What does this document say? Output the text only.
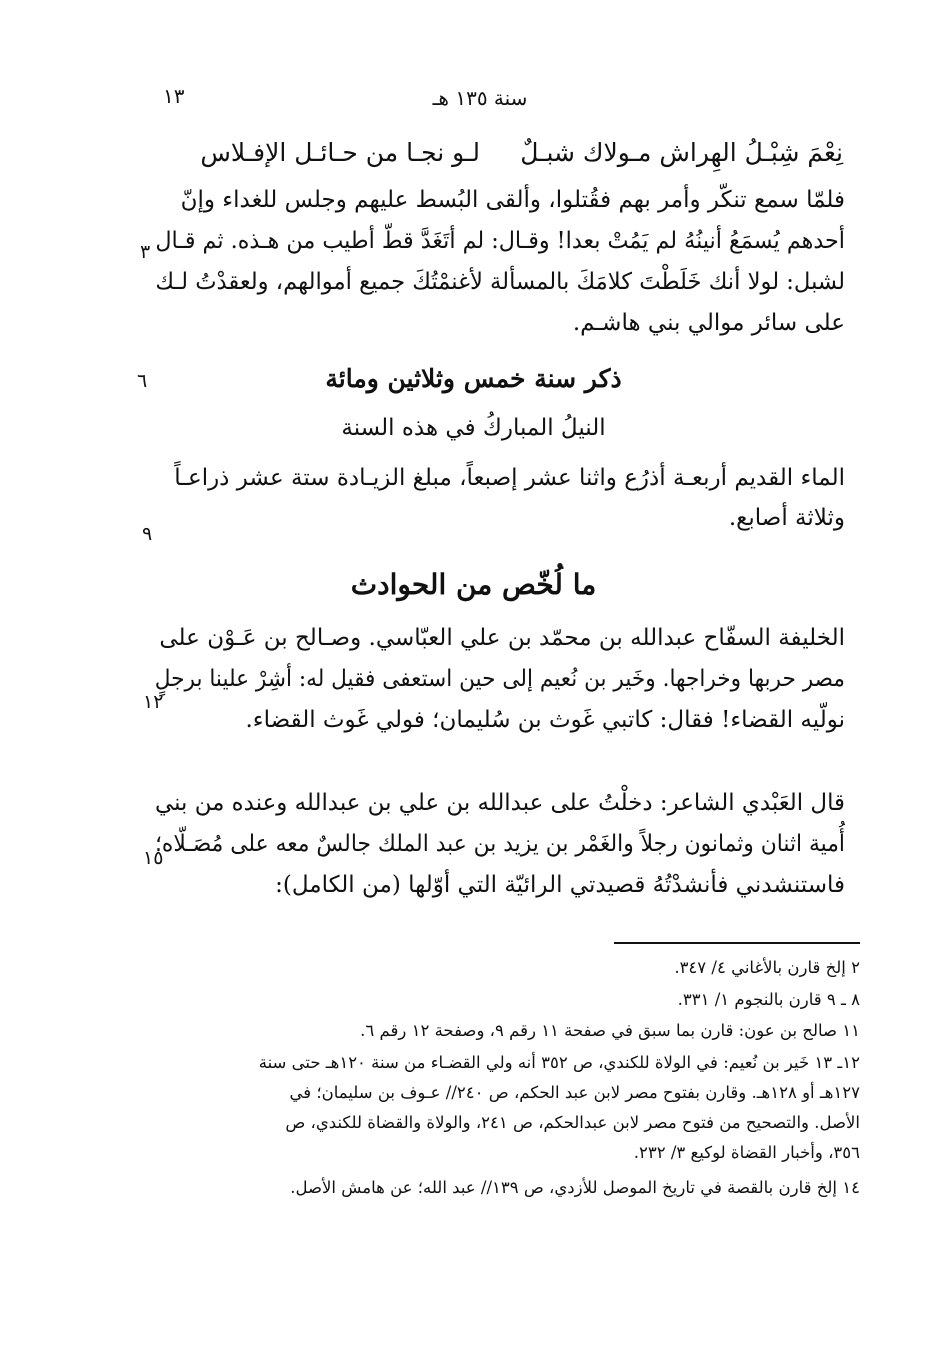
١٣	سنة ١٣٥ هـ
نِعْمَ شِبْـلُ الهِراش مـولاك شبـلٌ
لـو نجـا من حـائـل الإفـلاس
فلمّا سمع تنكّر وأمر بهم فقُتلوا، وألقى البُسط عليهم وجلس للغداء وإنّ
أحدهم يُسمَعُ أنينُهُ لم يَمُتْ بعدا! وقـال: لم أتَغَدَّ قطّ أطيب من هـذه. ثم قـال
لشبل: لولا أنك خَلَطْتَ كلامَكَ بالمسألة لأغنمْتُكَ جميع أموالهم، ولعقدْتُ لـك
على سائر موالي بني هاشـم.
٣
ذكر سنة خمس وثلاثين ومائة
٦
النيلُ المباركُ في هذه السنة
الماء القديم أربعـة أذرُع واثنا عشر إصبعاً، مبلغ الزيـادة ستة عشر ذراعـاً
وثلاثة أصابع.
٩
ما لُخّص من الحوادث
الخليفة السفّاح عبدالله بن محمّد بن علي العبّاسي. وصـالح بن عَـوْن على
مصر حربها وخراجها. وخَير بن نُعيم إلى حين استعفى فقيل له: أشِرْ علينا برجلٍ
نولّيه القضاء! فقال: كاتبي غَوث بن سُليمان؛ فولي غَوث القضاء.
١٢
قال العَبْدي الشاعر: دخلْتُ على عبدالله بن علي بن عبدالله وعنده من بني
أُمية اثنان وثمانون رجلاً والغَمْر بن يزيد بن عبد الملك جالسٌ معه على مُصَـلّاه؛
فاستنشدني فأنشدْتُهُ قصيدتي الرائيّة التي أوّلها (من الكامل):
١٥
٢ إلخ قارن بالأغاني ٤/ ٣٤٧.
٨ ـ ٩ قارن بالنجوم ١/ ٣٣١.
١١ صالح بن عون: قارن بما سبق في صفحة ١١ رقم ٩، وصفحة ١٢ رقم ٦.
١٢ـ ١٣ خَير بن نُعيم: في الولاة للكندي، ص ٣٥٢ أنه ولي القضـاء من سنة ١٢٠هـ حتى سنة
١٢٧هـ أو ١٢٨هـ. وقارن بفتوح مصر لابن عبد الحكم، ص ٢٤٠// عـوف بن سليمان؛ في
الأصل. والتصحيح من فتوح مصر لابن عبدالحكم، ص ٢٤١، والولاة والقضاة للكندي، ص
٣٥٦، وأخبار القضاة لوكيع ٣/ ٢٣٢.
١٤ إلخ قارن بالقصة في تاريخ الموصل للأزدي، ص ١٣٩// عبد الله؛ عن هامش الأصل.
